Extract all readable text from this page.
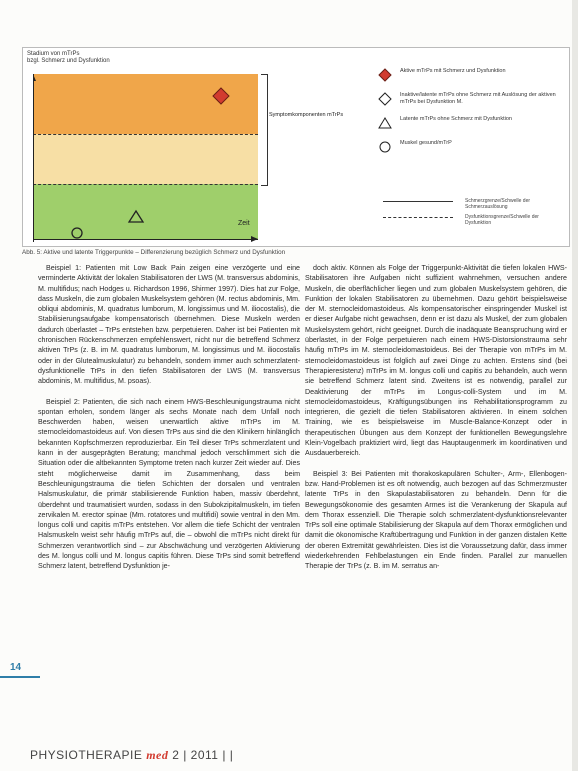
Stadium von mTrPs
bzgl. Schmerz und Dysfunktion
Zeit
Symptomkomponenten mTrPs
Aktive mTrPs mit Schmerz und Dysfunktion
Inaktive/latente mTrPs ohne Schmerz mit Auslösung der aktiven mTrPs bei Dysfunktion M.
Latente mTrPs ohne Schmerz mit Dysfunktion
Muskel gesund/mTrP
Schmerzgrenze/Schwelle der Schmerzauslösung
Dysfunktionsgrenze/Schwelle der Dysfunktion
Abb. 5: Aktive und latente Triggerpunkte – Differenzierung bezüglich Schmerz und Dysfunktion

Beispiel 1: Patienten mit Low Back Pain zeigen eine verzögerte und eine verminderte Aktivität der lokalen Stabilisatoren der LWS (M. transversus abdominis, M. multifidus; nach Hodges u. Richardson 1996, Shirmer 1997). Dies hat zur Folge, dass Muskeln, die zum globalen Muskelsystem gehören (M. rectus abdominis, Mm. obliqui abdominis, M. quadratus lumborum, M. longissimus und M. iliocostalis), die Stabilisierungsaufgabe kompensatorisch übernehmen. Diese Muskeln werden dadurch überlastet – TrPs entstehen bzw. perpetuieren. Daher ist bei Patienten mit chronischen Rückenschmerzen empfehlenswert, nicht nur die betreffend Schmerz aktiven TrPs (z. B. im M. quadratus lumborum, M. longissimus und M. iliocostalis oder in der Glutealmuskulatur) zu behandeln, sondern immer auch schmerzlatent-dysfunktionelle TrPs in den tiefen Stabilisatoren der LWS (M. transversus abdominis, M. multifidus, M. psoas).

Beispiel 2: Patienten, die sich nach einem HWS-Beschleunigungstrauma nicht spontan erholen, sondern länger als sechs Monate nach dem Unfall noch Beschwerden haben, weisen unerwartlich aktive mTrPs im M. sternocleidomastoideus auf. Von diesen TrPs aus sind die den Klinikern hinlänglich bekannten Kopfschmerzen reproduzierbar. Ein Teil dieser TrPs schmerzlatent und kann in der ausgeprägten Beratung; manchmal jedoch verschlimmert sich die Situation oder die altbekannten Symptome treten nach kurzer Zeit wieder auf. Dies steht möglicherweise damit im Zusammenhang, dass beim Beschleunigungstrauma die tiefen Schichten der dorsalen und ventralen Halsmuskulatur, die primär stabilisierende Funktion haben, massiv überdehnt, überdehnt und traumatisiert wurden, sodass in den Subokzipitalmuskeln, im tiefen zervikalen M. erector spinae (Mm. rotatores und multifidi) sowie ventral in den Mm. longus colli und capitis mTrPs entstehen. Vor allem die tiefe Schicht der ventralen Halsmuskeln weist sehr häufig mTrPs auf, die – obwohl die mTrPs nicht direkt für Schmerzen verantwortlich sind – zur Abschwächung und verzögerten Aktivierung des M. longus colli und M. longus capitis führen. Diese TrPs sind somit betreffend Schmerz latent, betreffend Dysfunktion je-

doch aktiv. Können als Folge der Triggerpunkt-Aktivität die tiefen lokalen HWS-Stabilisatoren ihre Aufgaben nicht suffizient wahrnehmen, versuchen andere Muskeln, die oberflächlicher liegen und zum globalen Muskelsystem gehören, die Funktion der lokalen Stabilisatoren zu übernehmen. Dazu gehört beispielsweise der M. sternocleidomastoideus. Als kompensatorischer einspringender Muskel ist er dieser Aufgabe nicht gewachsen, denn er ist dazu als Muskel, der zum globalen Muskelsystem gehört, nicht geeignet. Durch die inadäquate Beanspruchung wird er überlastet, in der Folge perpetuieren nach einem HWS-Distorsionstrauma sehr häufig mTrPs im M. sternocleidomastoideus. Bei der Therapie von mTrPs im M. sternocleidomastoideus ist folglich auf zwei Dinge zu achten. Erstens sind (bei Therapieresistenz) mTrPs im M. longus colli und capitis zu behandeln, auch wenn sie betreffend Schmerz latent sind. Zweitens ist es notwendig, parallel zur Deaktivierung der mTrPs im Longus-colli-System und im M. sternocleidomastoideus, Kräftigungsübungen ins Rehabilitationsprogramm zu integrieren, die gezielt die tiefen Stabilisatoren aktivieren. In einem solchen Training, wie es beispielsweise im Muscle-Balance-Konzept oder in therapeutischen Übungen aus dem Konzept der funktionellen Bewegungslehre Klein-Vogelbach praktiziert wird, liegt das Hauptaugenmerk im koordinativen und Ausdauerbereich.

Beispiel 3: Bei Patienten mit thorakoskapulären Schulter-, Arm-, Ellenbogen- bzw. Hand-Problemen ist es oft notwendig, auch bezogen auf das Schmerzmuster latente TrPs in den Skapulastabilisatoren zu behandeln. Denn für die Bewegungsökonomie des gesamten Armes ist die Verankerung der Skapula auf dem Thorax essenziell. Die Therapie solch schmerzlatent-dysfunktionsrelevanter TrPs soll eine optimale Stabilisierung der Skapula auf dem Thorax ermöglichen und damit die ökonomische Kraftübertragung und Funktion in der ganzen distalen Kette der oberen Extremität gewährleisten. Dies ist die Voraussetzung dafür, dass immer wiederkehrenden Fehlbelastungen ein Ende finden. Parallel zur manuellen Therapie der TrPs (z. B. im M. serratus an-

14
PHYSIOTHERAPIE med 2 | 2011 | |
